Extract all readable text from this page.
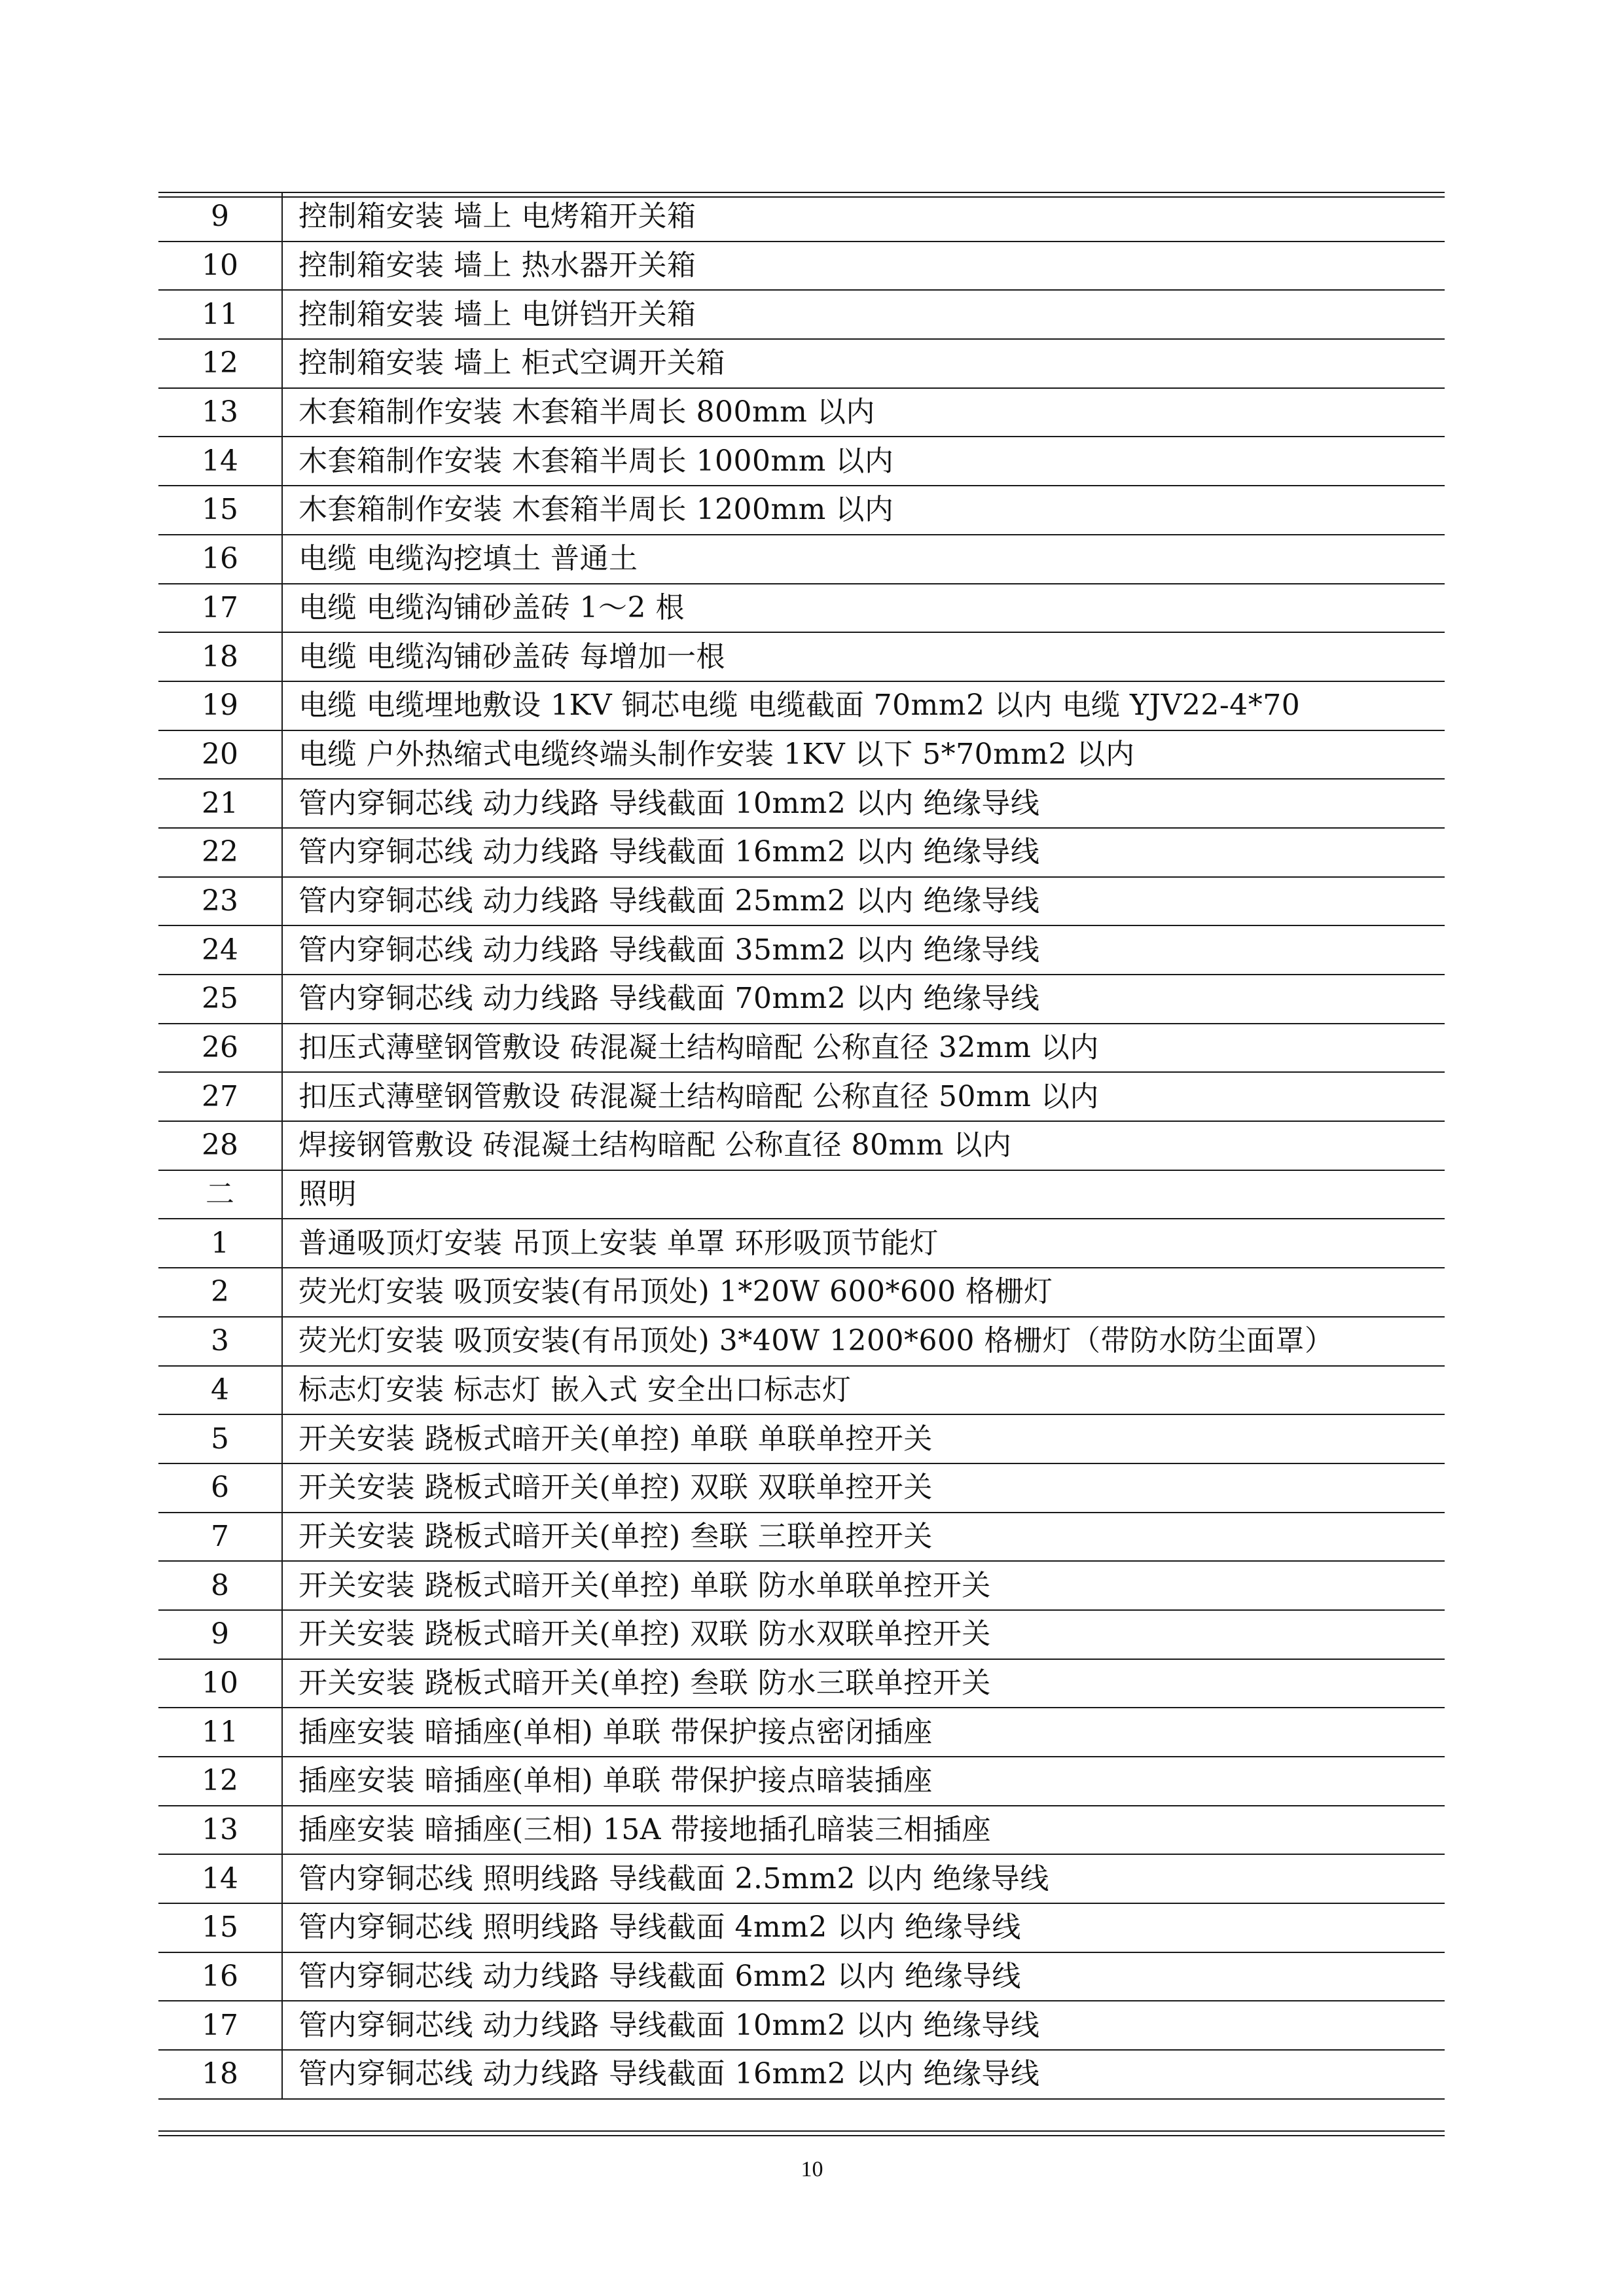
9	控制箱安装 墙上 电烤箱开关箱
10	控制箱安装 墙上 热水器开关箱
11	控制箱安装 墙上 电饼铛开关箱
12	控制箱安装 墙上 柜式空调开关箱
13	木套箱制作安装 木套箱半周长 800mm 以内
14	木套箱制作安装 木套箱半周长 1000mm 以内
15	木套箱制作安装 木套箱半周长 1200mm 以内
16	电缆 电缆沟挖填土 普通土
17	电缆 电缆沟铺砂盖砖 1～2 根
18	电缆 电缆沟铺砂盖砖 每增加一根
19	电缆 电缆埋地敷设 1KV 铜芯电缆 电缆截面 70mm2 以内 电缆 YJV22-4*70
20	电缆 户外热缩式电缆终端头制作安装 1KV 以下 5*70mm2 以内
21	管内穿铜芯线 动力线路 导线截面 10mm2 以内 绝缘导线
22	管内穿铜芯线 动力线路 导线截面 16mm2 以内 绝缘导线
23	管内穿铜芯线 动力线路 导线截面 25mm2 以内 绝缘导线
24	管内穿铜芯线 动力线路 导线截面 35mm2 以内 绝缘导线
25	管内穿铜芯线 动力线路 导线截面 70mm2 以内 绝缘导线
26	扣压式薄壁钢管敷设 砖混凝土结构暗配 公称直径 32mm 以内
27	扣压式薄壁钢管敷设 砖混凝土结构暗配 公称直径 50mm 以内
28	焊接钢管敷设 砖混凝土结构暗配 公称直径 80mm 以内
二	照明
1	普通吸顶灯安装 吊顶上安装 单罩 环形吸顶节能灯
2	荧光灯安装 吸顶安装(有吊顶处) 1*20W 600*600 格栅灯
3	荧光灯安装 吸顶安装(有吊顶处) 3*40W 1200*600 格栅灯（带防水防尘面罩）
4	标志灯安装 标志灯 嵌入式 安全出口标志灯
5	开关安装 跷板式暗开关(单控) 单联 单联单控开关
6	开关安装 跷板式暗开关(单控) 双联 双联单控开关
7	开关安装 跷板式暗开关(单控) 叁联 三联单控开关
8	开关安装 跷板式暗开关(单控) 单联 防水单联单控开关
9	开关安装 跷板式暗开关(单控) 双联 防水双联单控开关
10	开关安装 跷板式暗开关(单控) 叁联 防水三联单控开关
11	插座安装 暗插座(单相) 单联 带保护接点密闭插座
12	插座安装 暗插座(单相) 单联 带保护接点暗装插座
13	插座安装 暗插座(三相) 15A 带接地插孔暗装三相插座
14	管内穿铜芯线 照明线路 导线截面 2.5mm2 以内 绝缘导线
15	管内穿铜芯线 照明线路 导线截面 4mm2 以内 绝缘导线
16	管内穿铜芯线 动力线路 导线截面 6mm2 以内 绝缘导线
17	管内穿铜芯线 动力线路 导线截面 10mm2 以内 绝缘导线
18	管内穿铜芯线 动力线路 导线截面 16mm2 以内 绝缘导线
10
